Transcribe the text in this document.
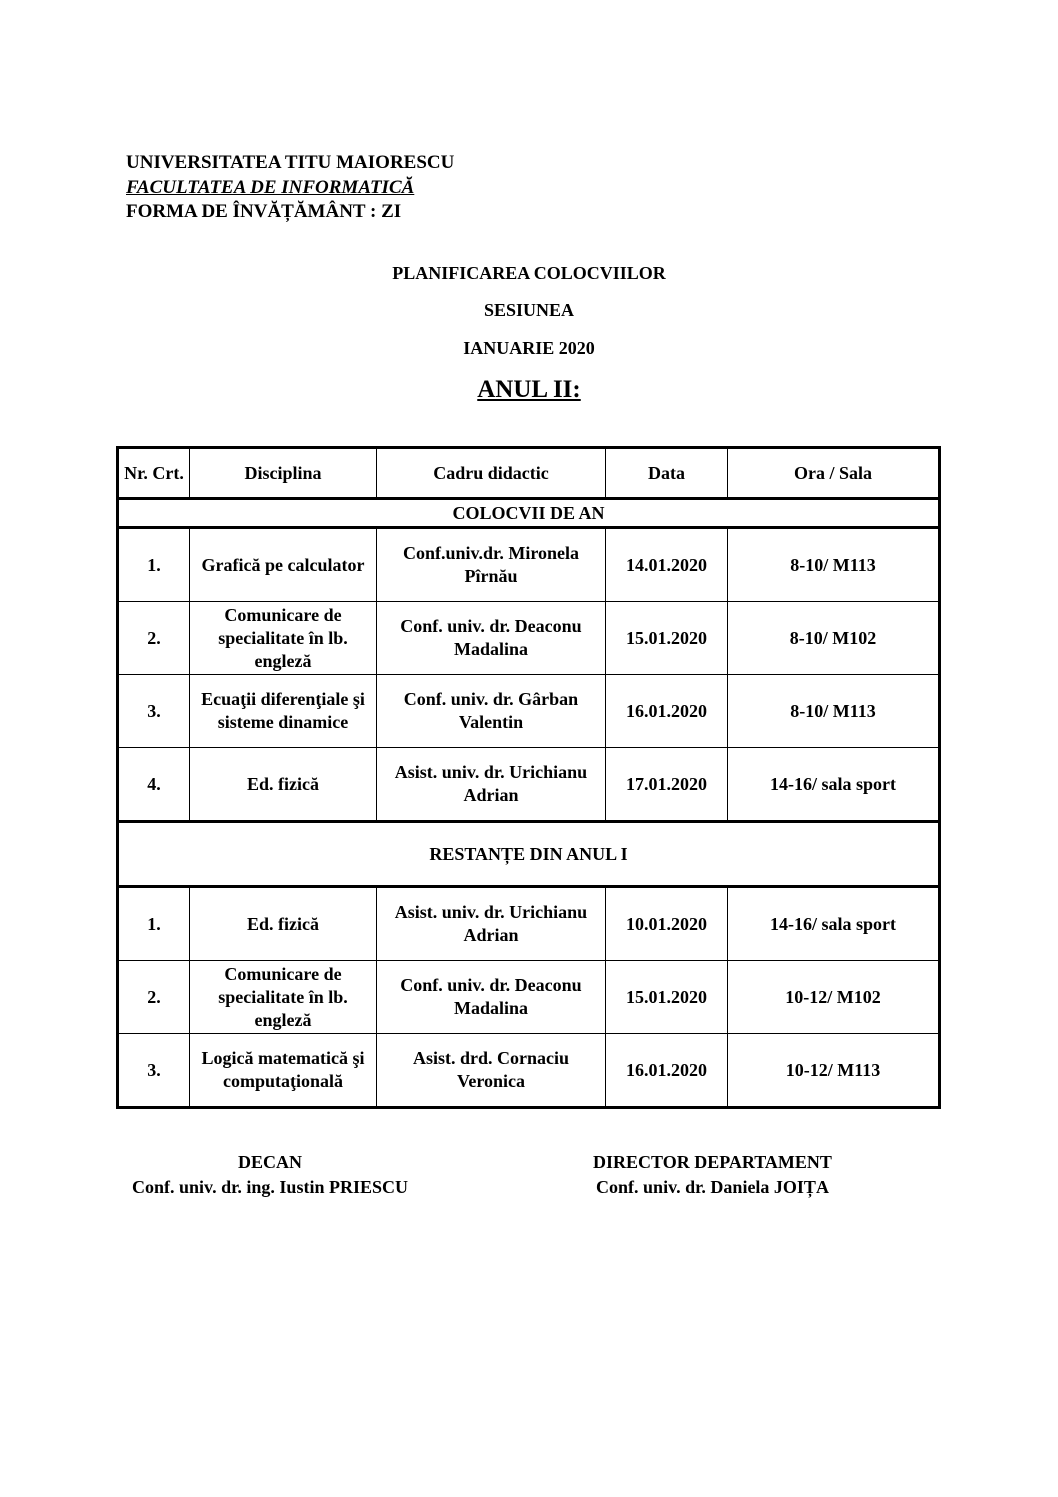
UNIVERSITATEA TITU MAIORESCU
FACULTATEA DE INFORMATICĂ
FORMA DE ÎNVĂȚĂMÂNT : ZI
PLANIFICAREA COLOCVIILOR
SESIUNEA
IANUARIE 2020
ANUL II:
Nr. Crt.	Disciplina	Cadru didactic	Data	Ora / Sala
COLOCVII DE AN				
1.	Grafică pe calculator	Conf.univ.dr. Mironela Pîrnău	14.01.2020	8-10/ M113
2.	Comunicare de specialitate în lb. engleză	Conf. univ. dr. Deaconu Madalina	15.01.2020	8-10/ M102
3.	Ecuaţii diferenţiale şi sisteme dinamice	Conf. univ. dr. Gârban Valentin	16.01.2020	8-10/ M113
4.	Ed. fizică	Asist. univ. dr. Urichianu Adrian	17.01.2020	14-16/ sala sport
RESTANȚE DIN ANUL I				
1.	Ed. fizică	Asist. univ. dr. Urichianu Adrian	10.01.2020	14-16/ sala sport
2.	Comunicare de specialitate în lb. engleză	Conf. univ. dr. Deaconu Madalina	15.01.2020	10-12/ M102
3.	Logică matematică şi computaţională	Asist. drd. Cornaciu Veronica	16.01.2020	10-12/ M113
DECAN
Conf. univ. dr. ing. Iustin PRIESCU
DIRECTOR DEPARTAMENT
Conf. univ. dr. Daniela JOIȚA
